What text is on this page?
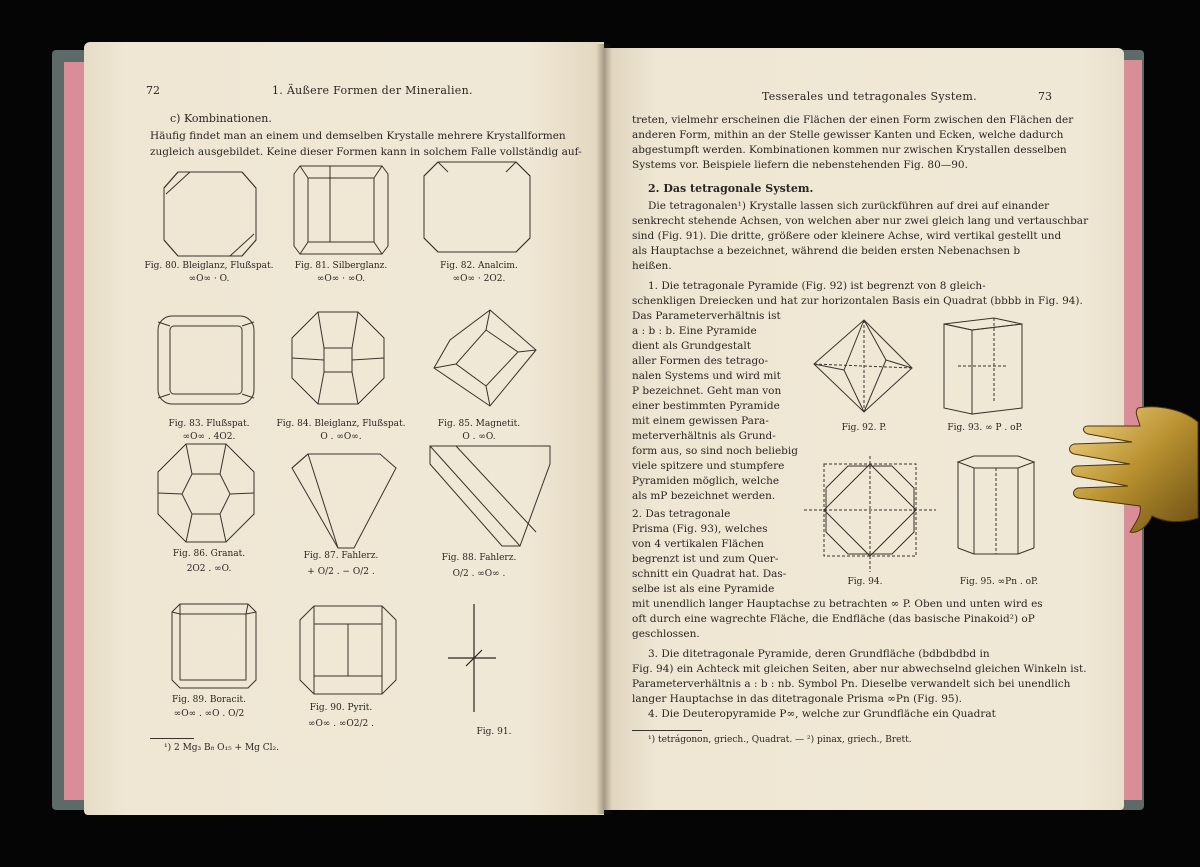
72	1. Äußere Formen der Mineralien.
c) Kombinationen.
Häufig findet man an einem und demselben Krystalle mehrere Krystallformen
zugleich ausgebildet. Keine dieser Formen kann in solchem Falle vollständig auf-
Fig. 80. Bleiglanz, Flußspat.
∞O∞ · O.
Fig. 81. Silberglanz.
∞O∞ · ∞O.
Fig. 82. Analcim.
∞O∞ · 2O2.
Fig. 83. Flußspat.
∞O∞ . 4O2.
Fig. 84. Bleiglanz, Flußspat.
O . ∞O∞.
Fig. 85. Magnetit.
O . ∞O.
Fig. 86. Granat.
2O2 . ∞O.
Fig. 87. Fahlerz.
+ O/2 . − O/2 .
Fig. 88. Fahlerz.
O/2 . ∞O∞ .
Fig. 89. Boracit.
∞O∞ . ∞O . O/2
Fig. 90. Pyrit.
∞O∞ . ∞O2/2 .
Fig. 91.
¹) 2 Mg₃ B₈ O₁₅ + Mg Cl₂.
Tesserales und tetragonales System.	73
treten, vielmehr erscheinen die Flächen der einen Form zwischen den Flächen der
anderen Form, mithin an der Stelle gewisser Kanten und Ecken, welche dadurch
abgestumpft werden. Kombinationen kommen nur zwischen Krystallen desselben
Systems vor. Beispiele liefern die nebenstehenden Fig. 80—90.
2. Das tetragonale System.
Die tetragonalen¹) Krystalle lassen sich zurückführen auf drei auf einander
senkrecht stehende Achsen, von welchen aber nur zwei gleich lang und vertauschbar
sind (Fig. 91). Die dritte, größere oder kleinere Achse, wird vertikal gestellt und
als Hauptachse a bezeichnet, während die beiden ersten Nebenachsen b
heißen.
1. Die tetragonale Pyramide (Fig. 92) ist begrenzt von 8 gleich-
schenkligen Dreiecken und hat zur horizontalen Basis ein Quadrat (bbbb in Fig. 94).
Das Parameterverhältnis ist
a : b : b. Eine Pyramide
dient als Grundgestalt
aller Formen des tetrago-
nalen Systems und wird mit
P bezeichnet. Geht man von
einer bestimmten Pyramide
mit einem gewissen Para-
meterverhältnis als Grund-
form aus, so sind noch beliebig
viele spitzere und stumpfere
Pyramiden möglich, welche
als mP bezeichnet werden.
2. Das tetragonale
Prisma (Fig. 93), welches
von 4 vertikalen Flächen
begrenzt ist und zum Quer-
schnitt ein Quadrat hat. Das-
selbe ist als eine Pyramide
Fig. 92. P.	Fig. 93. ∞ P . oP.
Fig. 94.	Fig. 95. ∞Pn . oP.
mit unendlich langer Hauptachse zu betrachten ∞ P. Oben und unten wird es
oft durch eine wagrechte Fläche, die Endfläche (das basische Pinakoid²) oP
geschlossen.
3. Die ditetragonale Pyramide, deren Grundfläche (bdbdbdbd in
Fig. 94) ein Achteck mit gleichen Seiten, aber nur abwechselnd gleichen Winkeln ist.
Parameterverhältnis a : b : nb. Symbol Pn. Dieselbe verwandelt sich bei unendlich
langer Hauptachse in das ditetragonale Prisma ∞Pn (Fig. 95).
4. Die Deuteropyramide P∞, welche zur Grundfläche ein Quadrat
¹) tetrágonon, griech., Quadrat. — ²) pinax, griech., Brett.
